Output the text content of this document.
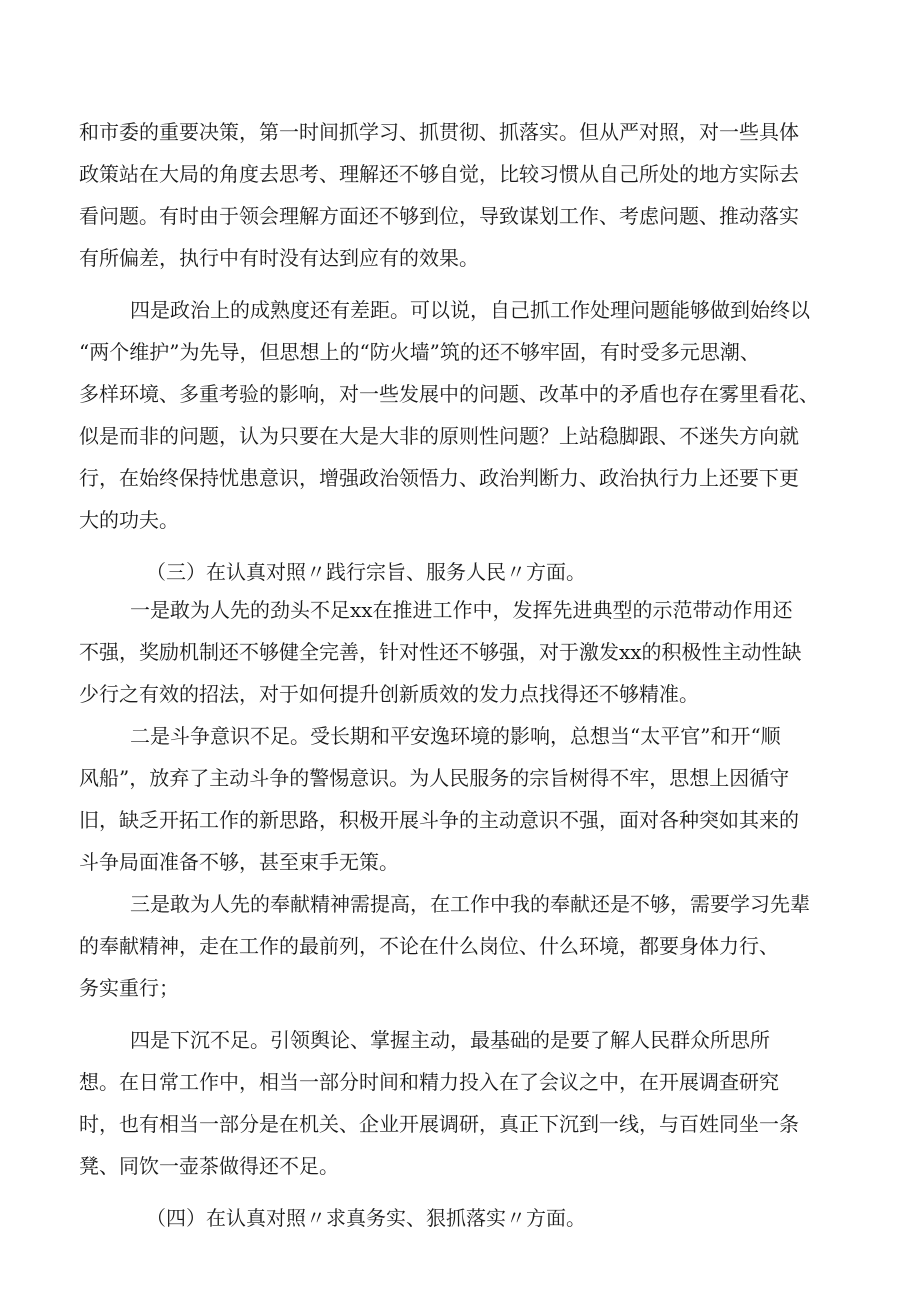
和市委的重要决策，第一时间抓学习、抓贯彻、抓落实。但从严对照，对一些具体
政策站在大局的角度去思考、理解还不够自觉，比较习惯从自己所处的地方实际去
看问题。有时由于领会理解方面还不够到位，导致谋划工作、考虑问题、推动落实
有所偏差，执行中有时没有达到应有的效果。
四是政治上的成熟度还有差距。可以说，自己抓工作处理问题能够做到始终以
“两个维护”为先导，但思想上的“防火墙”筑的还不够牢固，有时受多元思潮、
多样环境、多重考验的影响，对一些发展中的问题、改革中的矛盾也存在雾里看花、
似是而非的问题，认为只要在大是大非的原则性问题？上站稳脚跟、不迷失方向就
行，在始终保持忧患意识，增强政治领悟力、政治判断力、政治执行力上还要下更
大的功夫。
（三）在认真对照〃践行宗旨、服务人民〃方面。
一是敢为人先的劲头不足xx在推进工作中，发挥先进典型的示范带动作用还
不强，奖励机制还不够健全完善，针对性还不够强，对于激发xx的积极性主动性缺
少行之有效的招法，对于如何提升创新质效的发力点找得还不够精准。
二是斗争意识不足。受长期和平安逸环境的影响，总想当“太平官”和开“顺
风船”，放弃了主动斗争的警惕意识。为人民服务的宗旨树得不牢，思想上因循守
旧，缺乏开拓工作的新思路，积极开展斗争的主动意识不强，面对各种突如其来的
斗争局面准备不够，甚至束手无策。
三是敢为人先的奉献精神需提高，在工作中我的奉献还是不够，需要学习先辈
的奉献精神，走在工作的最前列，不论在什么岗位、什么环境，都要身体力行、
务实重行；
四是下沉不足。引领舆论、掌握主动，最基础的是要了解人民群众所思所
想。在日常工作中，相当一部分时间和精力投入在了会议之中，在开展调查研究
时，也有相当一部分是在机关、企业开展调研，真正下沉到一线，与百姓同坐一条
凳、同饮一壶茶做得还不足。
（四）在认真对照〃求真务实、狠抓落实〃方面。
